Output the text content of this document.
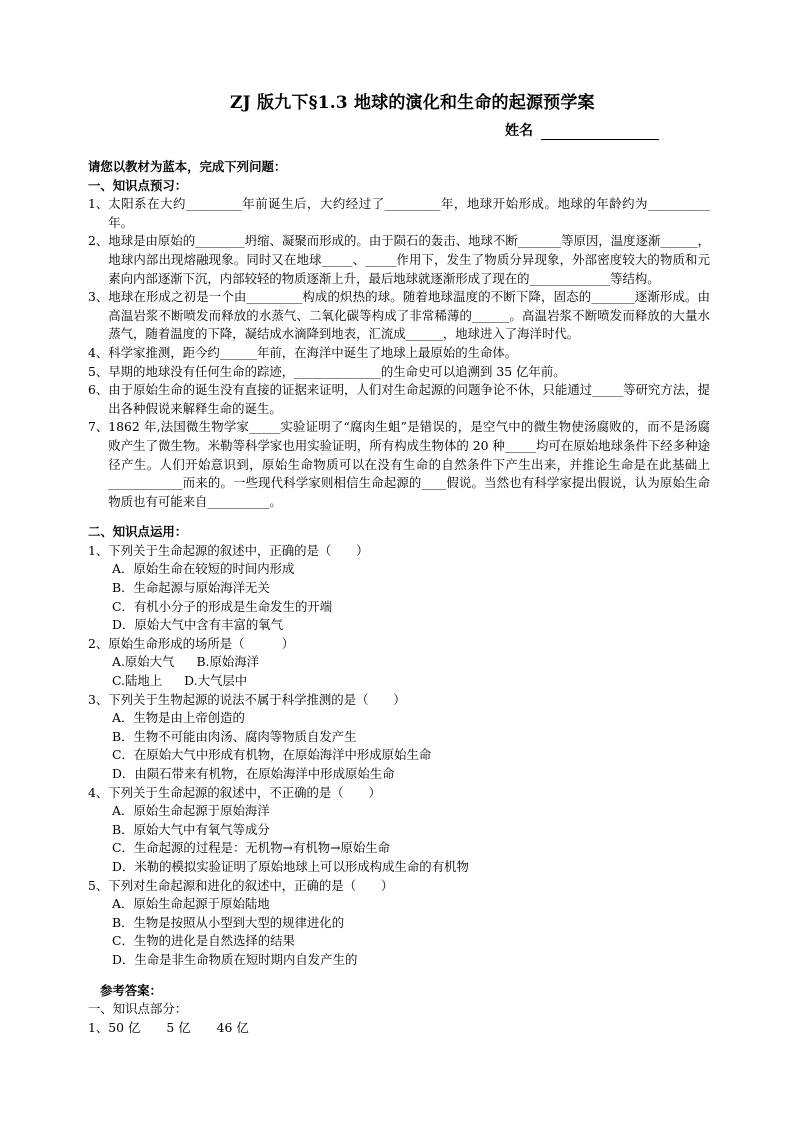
ZJ 版九下§1.3 地球的演化和生命的起源预学案
姓名
请您以教材为蓝本，完成下列问题：
一、知识点预习：
1、 太阳系在大约_________年前诞生后，大约经过了_________年，地球开始形成。地球的年龄约为__________年。
2、 地球是由原始的________坍缩、凝聚而形成的。由于陨石的轰击、地球不断_______等原因，温度逐渐______，地球内部出现熔融现象。同时又在地球_____、_____作用下，发生了物质分异现象，外部密度较大的物质和元素向内部逐渐下沉，内部较轻的物质逐渐上升，最后地球就逐渐形成了现在的_____________等结构。
3、 地球在形成之初是一个由_________构成的炽热的球。随着地球温度的不断下降，固态的_______逐渐形成。由高温岩浆不断喷发而释放的水蒸气、二氧化碳等构成了非常稀薄的______。高温岩浆不断喷发而释放的大量水蒸气，随着温度的下降，凝结成水滴降到地表，汇流成______，地球进入了海洋时代。
4、 科学家推测，距今约______年前，在海洋中诞生了地球上最原始的生命体。
5、 早期的地球没有任何生命的踪迹，______________的生命史可以追溯到 35 亿年前。
6、 由于原始生命的诞生没有直接的证据来证明，人们对生命起源的问题争论不休，只能通过_____等研究方法，提出各种假说来解释生命的诞生。
7、 1862 年,法国微生物学家_____实验证明了“腐肉生蛆”是错误的，是空气中的微生物使汤腐败的，而不是汤腐败产生了微生物。米勒等科学家也用实验证明，所有构成生物体的 20 种_____均可在原始地球条件下经多种途径产生。人们开始意识到，原始生命物质可以在没有生命的自然条件下产生出来，并推论生命是在此基础上____________而来的。一些现代科学家则相信生命起源的____假说。当然也有科学家提出假说，认为原始生命物质也有可能来自__________。
二、知识点运用：
1、下列关于生命起源的叙述中，正确的是（　　）
A．原始生命在较短的时间内形成
B．生命起源与原始海洋无关
C．有机小分子的形成是生命发生的开端
D．原始大气中含有丰富的氧气
2、原始生命形成的场所是（　　　）
A.原始大气 B.原始海洋
C.陆地上 D.大气层中
3、下列关于生物起源的说法不属于科学推测的是（　　）
A．生物是由上帝创造的
B．生物不可能由肉汤、腐肉等物质自发产生
C．在原始大气中形成有机物，在原始海洋中形成原始生命
D．由陨石带来有机物，在原始海洋中形成原始生命
4、下列关于生命起源的叙述中，不正确的是（　　）
A．原始生命起源于原始海洋
B．原始大气中有氧气等成分
C．生命起源的过程是：无机物→有机物→原始生命
D．米勒的模拟实验证明了原始地球上可以形成构成生命的有机物
5、下列对生命起源和进化的叙述中，正确的是（　　）
A．原始生命起源于原始陆地
B．生物是按照从小型到大型的规律进化的
C．生物的进化是自然选择的结果
D．生命是非生命物质在短时期内自发产生的
参考答案：
一、知识点部分：
1、50 亿 5 亿 46 亿
